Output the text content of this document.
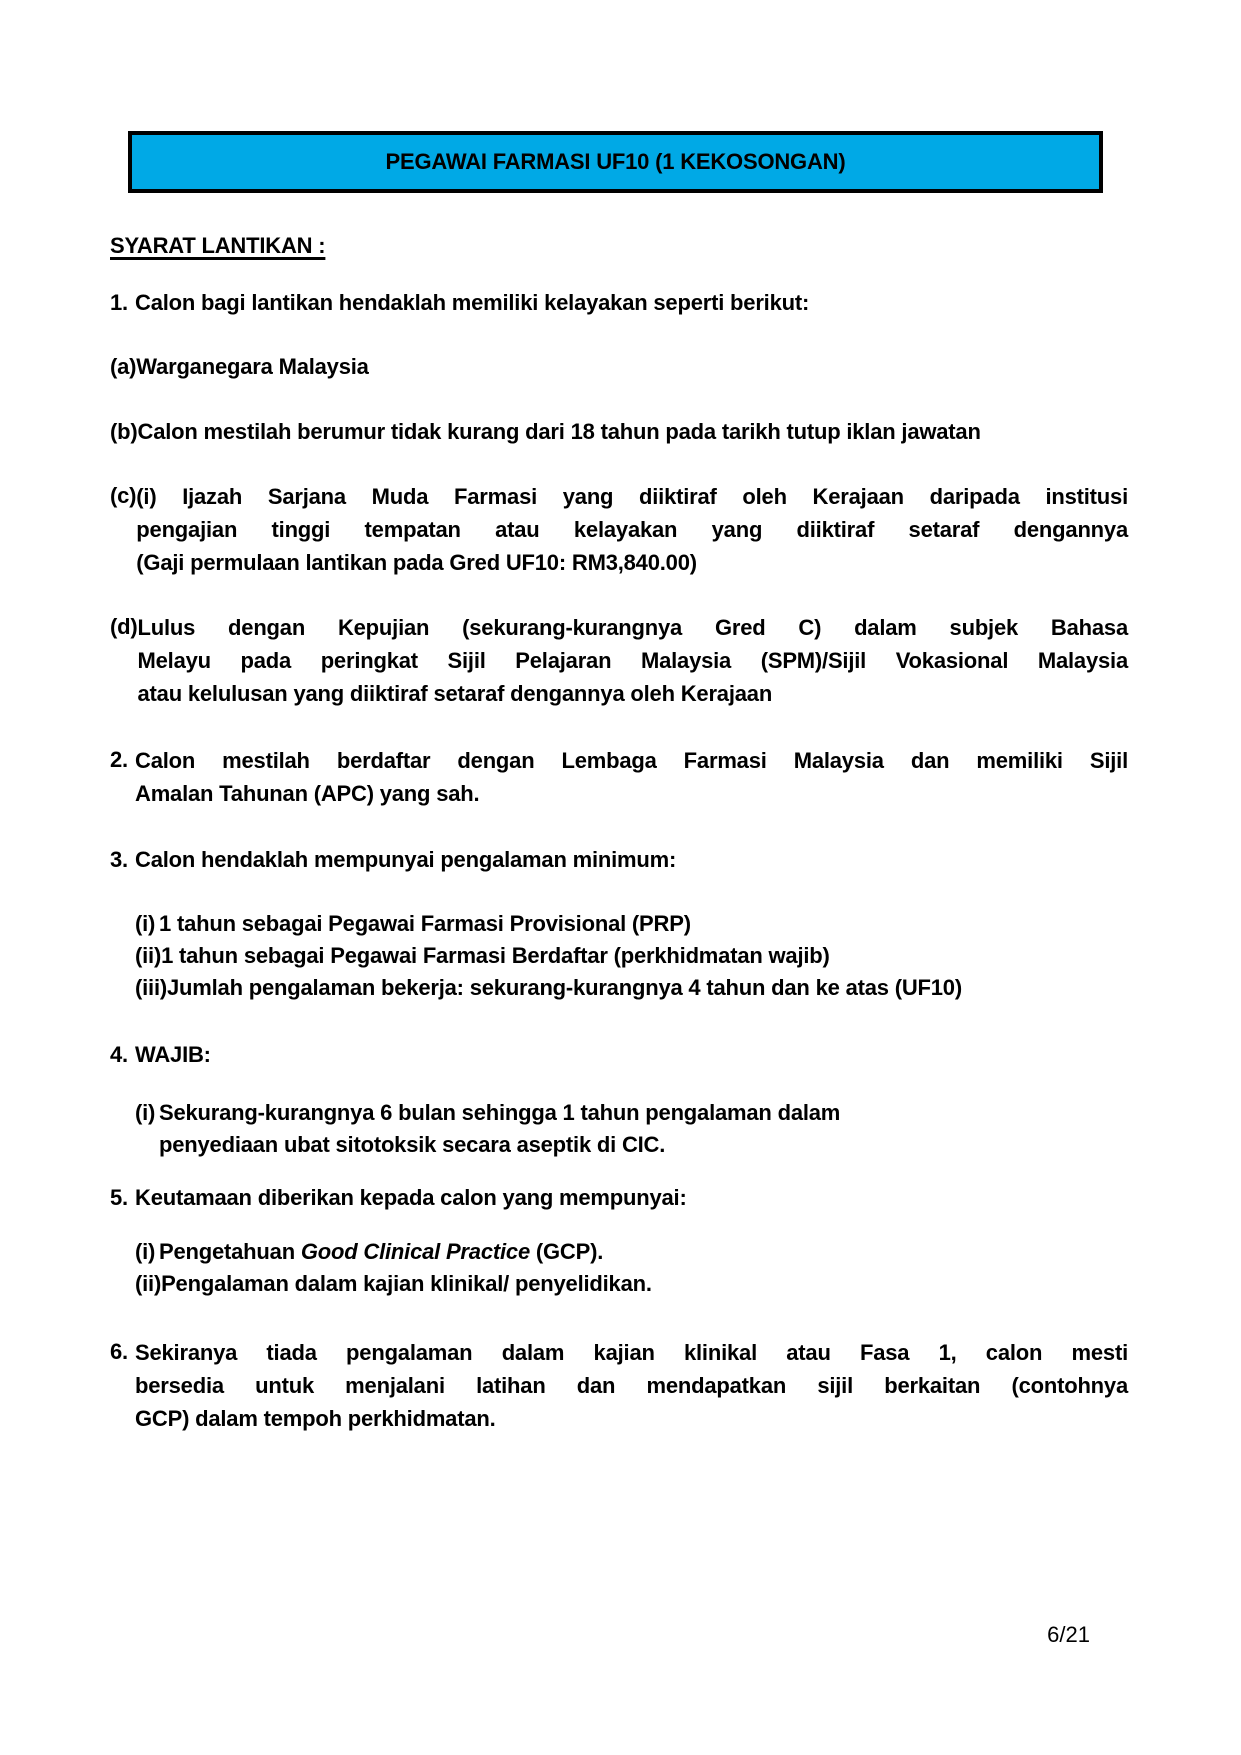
PEGAWAI FARMASI UF10 (1 KEKOSONGAN)
SYARAT LANTIKAN :
1. Calon bagi lantikan hendaklah memiliki kelayakan seperti berikut:
(a) Warganegara Malaysia
(b) Calon mestilah berumur tidak kurang dari 18 tahun pada tarikh tutup iklan jawatan
(c) (i) Ijazah Sarjana Muda Farmasi yang diiktiraf oleh Kerajaan daripada institusi
pengajian tinggi tempatan atau kelayakan yang diiktiraf setaraf dengannya
(Gaji permulaan lantikan pada Gred UF10: RM3,840.00)
(d) Lulus dengan Kepujian (sekurang-kurangnya Gred C) dalam subjek Bahasa
Melayu pada peringkat Sijil Pelajaran Malaysia (SPM)/Sijil Vokasional Malaysia
atau kelulusan yang diiktiraf setaraf dengannya oleh Kerajaan
2. Calon mestilah berdaftar dengan Lembaga Farmasi Malaysia dan memiliki Sijil
Amalan Tahunan (APC) yang sah.
3. Calon hendaklah mempunyai pengalaman minimum:
(i) 1 tahun sebagai Pegawai Farmasi Provisional (PRP)
(ii) 1 tahun sebagai Pegawai Farmasi Berdaftar (perkhidmatan wajib)
(iii) Jumlah pengalaman bekerja: sekurang-kurangnya 4 tahun dan ke atas (UF10)
4. WAJIB:
(i) Sekurang-kurangnya 6 bulan sehingga 1 tahun pengalaman dalam
penyediaan ubat sitotoksik secara aseptik di CIC.
5. Keutamaan diberikan kepada calon yang mempunyai:
(i) Pengetahuan Good Clinical Practice (GCP).
(ii) Pengalaman dalam kajian klinikal/ penyelidikan.
6. Sekiranya tiada pengalaman dalam kajian klinikal atau Fasa 1, calon mesti
bersedia untuk menjalani latihan dan mendapatkan sijil berkaitan (contohnya
GCP) dalam tempoh perkhidmatan.
6/21
